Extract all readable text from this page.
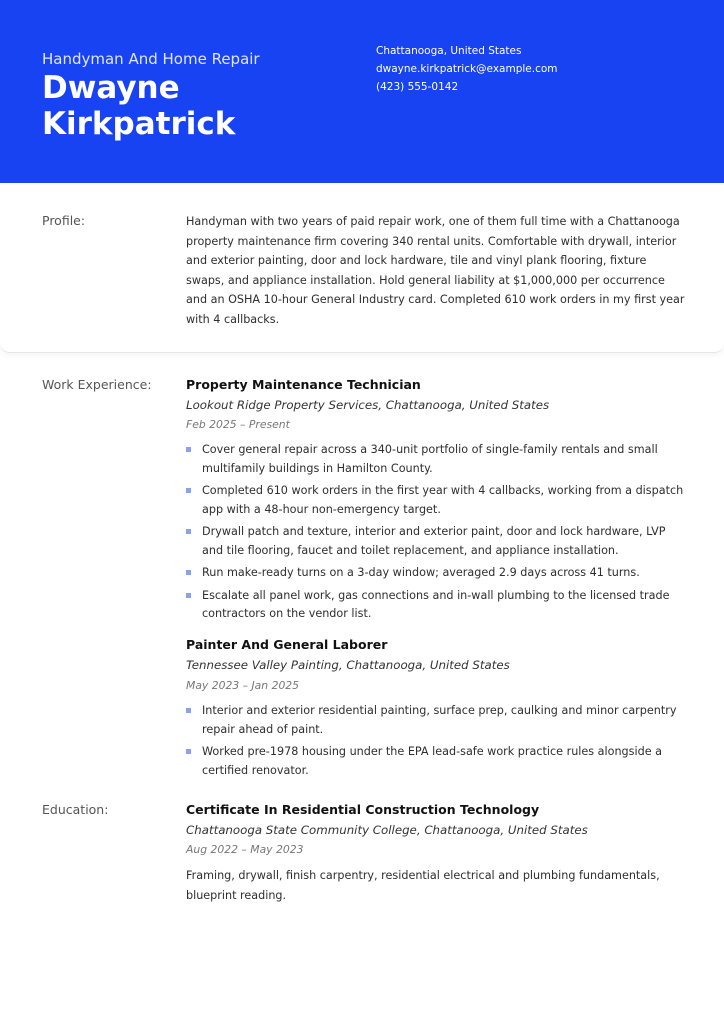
Handyman And Home Repair
Dwayne Kirkpatrick
Chattanooga, United States
dwayne.kirkpatrick@example.com
(423) 555-0142
Profile:	Handyman with two years of paid repair work, one of them full time with a Chattanooga property maintenance firm covering 340 rental units. Comfortable with drywall, interior and exterior painting, door and lock hardware, tile and vinyl plank flooring, fixture swaps, and appliance installation. Hold general liability at $1,000,000 per occurrence and an OSHA 10-hour General Industry card. Completed 610 work orders in my first year with 4 callbacks.
Work Experience:	Property Maintenance Technician
Lookout Ridge Property Services, Chattanooga, United States
Feb 2025 – Present
Cover general repair across a 340-unit portfolio of single-family rentals and small multifamily buildings in Hamilton County.
Completed 610 work orders in the first year with 4 callbacks, working from a dispatch app with a 48-hour non-emergency target.
Drywall patch and texture, interior and exterior paint, door and lock hardware, LVP and tile flooring, faucet and toilet replacement, and appliance installation.
Run make-ready turns on a 3-day window; averaged 2.9 days across 41 turns.
Escalate all panel work, gas connections and in-wall plumbing to the licensed trade contractors on the vendor list.
Painter And General Laborer
Tennessee Valley Painting, Chattanooga, United States
May 2023 – Jan 2025
Interior and exterior residential painting, surface prep, caulking and minor carpentry repair ahead of paint.
Worked pre-1978 housing under the EPA lead-safe work practice rules alongside a certified renovator.
Education:	Certificate In Residential Construction Technology
Chattanooga State Community College, Chattanooga, United States
Aug 2022 – May 2023
Framing, drywall, finish carpentry, residential electrical and plumbing fundamentals, blueprint reading.
